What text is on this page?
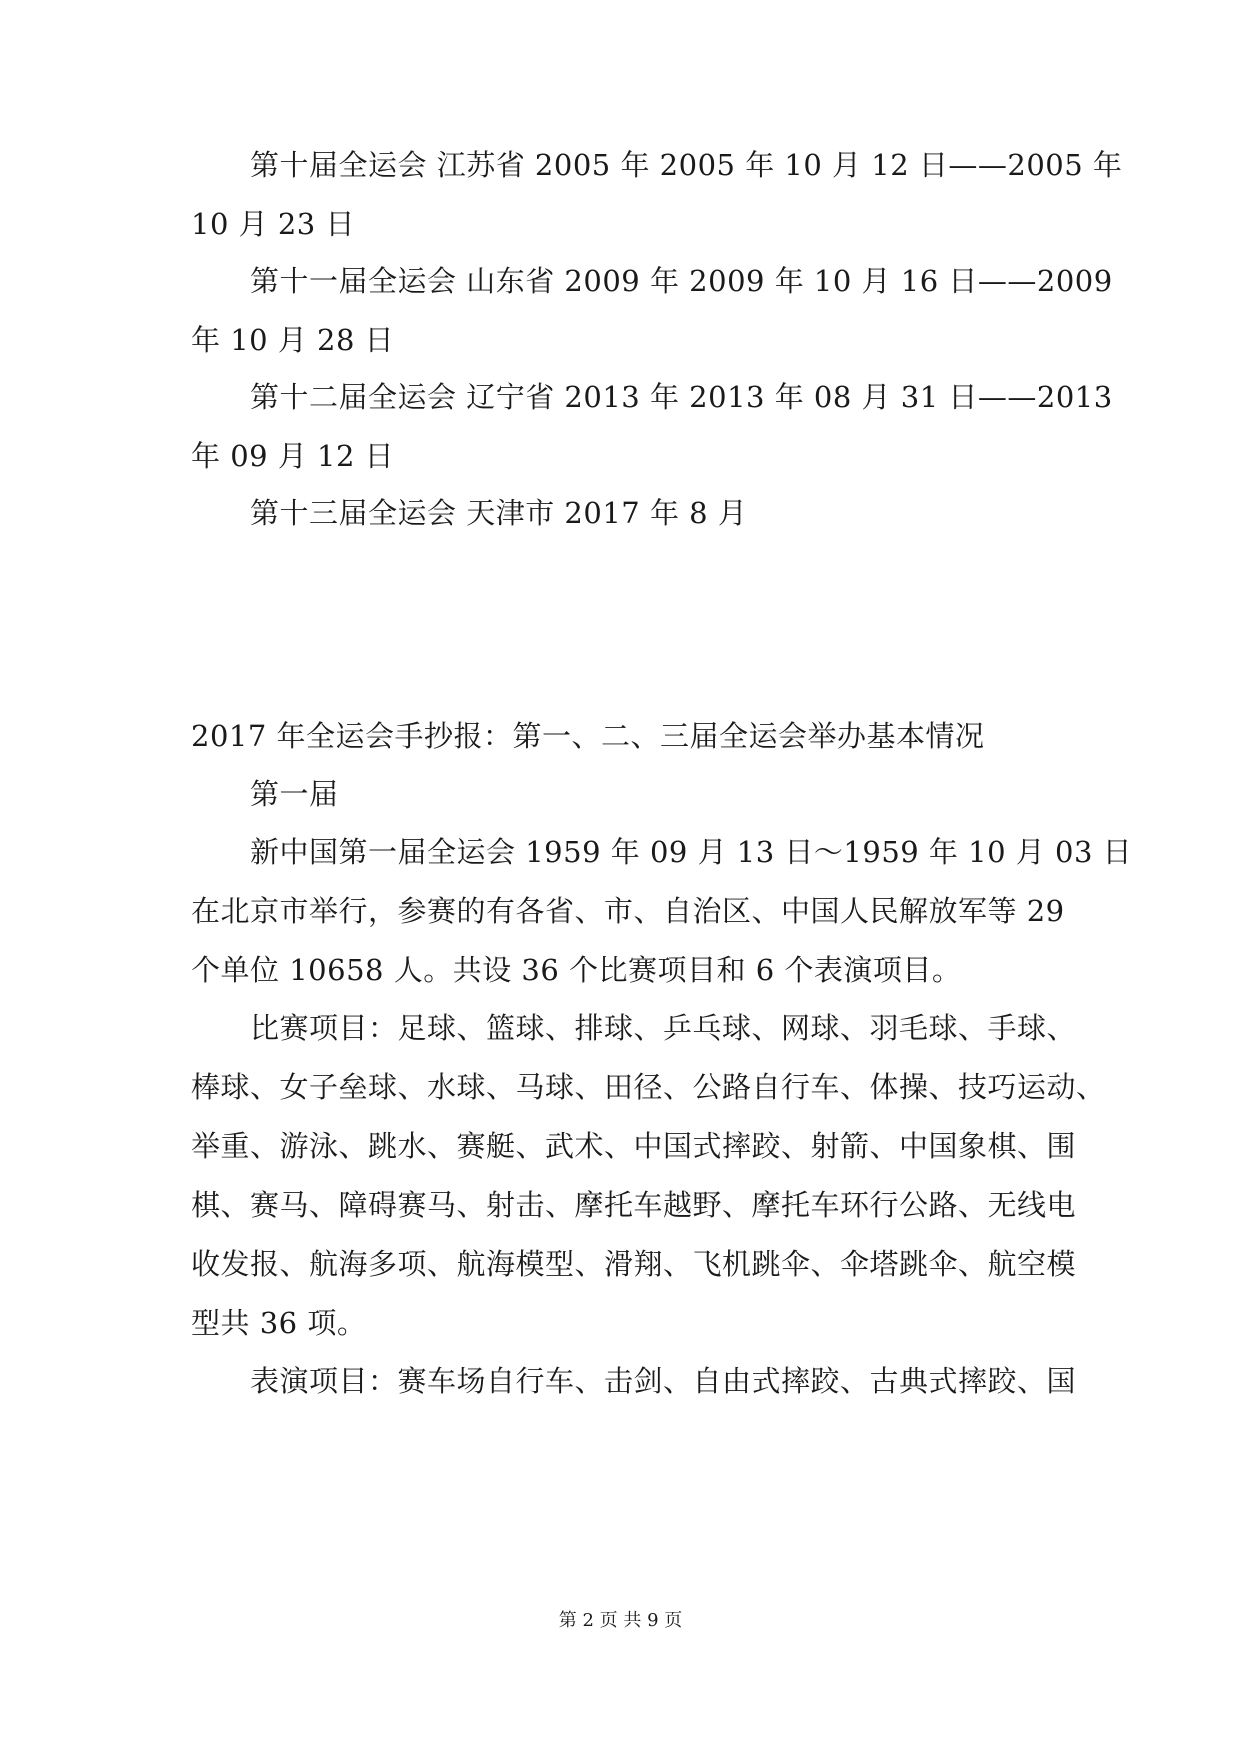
第十届全运会 江苏省 2005 年 2005 年 10 月 12 日——2005 年

10 月 23 日

第十一届全运会 山东省 2009 年 2009 年 10 月 16 日——2009

年 10 月 28 日

第十二届全运会 辽宁省 2013 年 2013 年 08 月 31 日——2013

年 09 月 12 日

第十三届全运会 天津市 2017 年 8 月

2017 年全运会手抄报：第一、二、三届全运会举办基本情况

第一届

新中国第一届全运会 1959 年 09 月 13 日～1959 年 10 月 03 日

在北京市举行，参赛的有各省、市、自治区、中国人民解放军等 29

个单位 10658 人。共设 36 个比赛项目和 6 个表演项目。

比赛项目：足球、篮球、排球、乒乓球、网球、羽毛球、手球、

棒球、女子垒球、水球、马球、田径、公路自行车、体操、技巧运动、

举重、游泳、跳水、赛艇、武术、中国式摔跤、射箭、中国象棋、围

棋、赛马、障碍赛马、射击、摩托车越野、摩托车环行公路、无线电

收发报、航海多项、航海模型、滑翔、飞机跳伞、伞塔跳伞、航空模

型共 36 项。

表演项目：赛车场自行车、击剑、自由式摔跤、古典式摔跤、国

第 2 页 共 9 页
